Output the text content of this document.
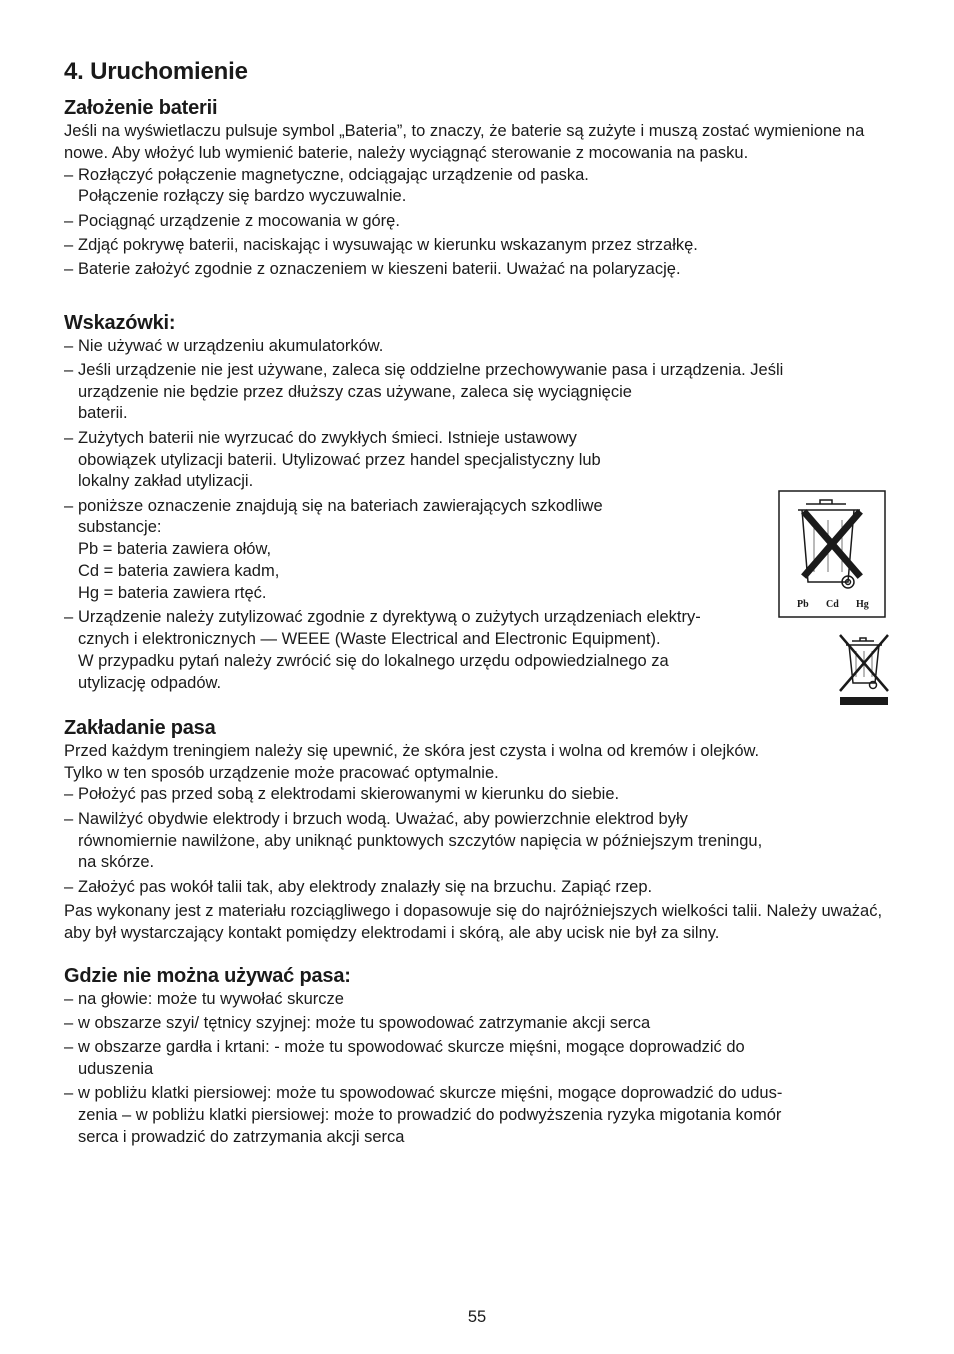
4. Uruchomienie
Założenie baterii

Jeśli na wyświetlaczu pulsuje symbol „Bateria”, to znaczy, że baterie są zużyte i muszą zostać wymienione na nowe. Aby włożyć lub wymienić baterie, należy wyciągnąć sterowanie z mocowania na pasku.

– Rozłączyć połączenie magnetyczne, odciągając urządzenie od paska.
Połączenie rozłączy się bardzo wyczuwalnie.
– Pociągnąć urządzenie z mocowania w górę.
– Zdjąć pokrywę baterii, naciskając i wysuwając w kierunku wskazanym przez strzałkę.
– Baterie założyć zgodnie z oznaczeniem w kieszeni baterii. Uważać na polaryzację.
Wskazówki:
– Nie używać w urządzeniu akumulatorków.
– Jeśli urządzenie nie jest używane, zaleca się oddzielne przechowywanie pasa i urządzenia. Jeśli
urządzenie nie będzie przez dłuższy czas używane, zaleca się wyciągnięcie
baterii.
– Zużytych baterii nie wyrzucać do zwykłych śmieci. Istnieje ustawowy
obowiązek utylizacji baterii. Utylizować przez handel specjalistyczny lub
lokalny zakład utylizacji.
– poniższe oznaczenie znajdują się na bateriach zawierających szkodliwe
substancje:
Pb = bateria zawiera ołów,
Cd = bateria zawiera kadm,
Hg = bateria zawiera rtęć.
– Urządzenie należy zutylizować zgodnie z dyrektywą o zużytych urządzeniach elektry-
cznych i elektronicznych — WEEE (Waste Electrical and Electronic Equipment).
W przypadku pytań należy zwrócić się do lokalnego urzędu odpowiedzialnego za
utylizację odpadów.
Zakładanie pasa

Przed każdym treningiem należy się upewnić, że skóra jest czysta i wolna od kremów i olejków.
Tylko w ten sposób urządzenie może pracować optymalnie.

– Położyć pas przed sobą z elektrodami skierowanymi w kierunku do siebie.
– Nawilżyć obydwie elektrody i brzuch wodą. Uważać, aby powierzchnie elektrod były
równomiernie nawilżone, aby uniknąć punktowych szczytów napięcia w późniejszym treningu,
na skórze.
– Założyć pas wokół talii tak, aby elektrody znalazły się na brzuchu. Zapiąć rzep.

Pas wykonany jest z materiału rozciągliwego i dopasowuje się do najróżniejszych wielkości talii. Należy uważać, aby był wystarczający kontakt pomiędzy elektrodami i skórą, ale aby ucisk nie był za silny.

Gdzie nie można używać pasa:
– na głowie: może tu wywołać skurcze
– w obszarze szyi/ tętnicy szyjnej: może tu spowodować zatrzymanie akcji serca
– w obszarze gardła i krtani: - może tu spowodować skurcze mięśni, mogące doprowadzić do
uduszenia
– w pobliżu klatki piersiowej: może tu spowodować skurcze mięśni, mogące doprowadzić do udus-
zenia – w pobliżu klatki piersiowej: może to prowadzić do podwyższenia ryzyka migotania komór
serca i prowadzić do zatrzymania akcji serca
Pb Cd Hg
55
